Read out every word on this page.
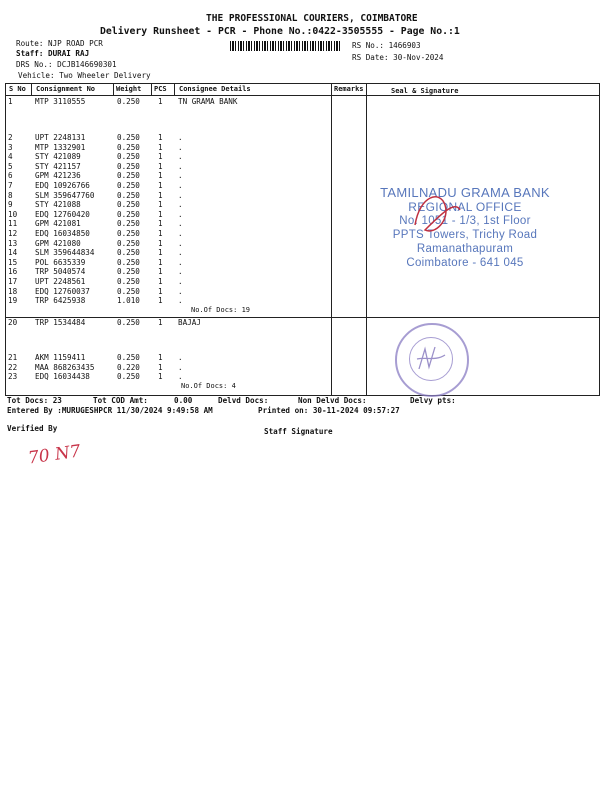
THE PROFESSIONAL COURIERS, COIMBATORE
Delivery Runsheet - PCR - Phone No.:0422-3505555 - Page No.:1
Route: NJP ROAD PCR
Staff: DURAI RAJ
DRS No.: DCJB146690301
Vehicle: Two Wheeler Delivery
RS No.: 1466903
RS Date: 30-Nov-2024
S No Consignment No	Weight PCS Consignee Details	Remarks	Seal & Signature
No.Of Docs: 19
No.Of Docs: 4
1	MTP 3110555	0.250 1 TN GRAMA BANK
2	UPT 2248131	0.250 1 .
3	MTP 1332901	0.250 1 .
4	STY 421089	0.250 1 .
5	STY 421157	0.250 1 .
6	GPM 421236	0.250 1 .
7	EDQ 10926766	0.250 1 .
8	SLM 359647760	0.250 1 .
9	STY 421088	0.250 1 .
10 EDQ 12760420	0.250 1 .
11 GPM 421081	0.250 1 .
12 EDQ 16034850	0.250 1 .
13 GPM 421080	0.250 1 .
14 SLM 359644834	0.250 1 .
15 POL 6635339	0.250 1 .
16 TRP 5040574	0.250 1 .
17 UPT 2248561	0.250 1 .
18 EDQ 12760037	0.250 1 .
19 TRP 6425938	1.010 1 .
20 TRP 1534484	0.250 1 BAJAJ
21 AKM 1159411	0.250 1 .
22 MAA 868263435	0.220 1 .
23 EDQ 16034438	0.250 1 .
TAMILNADU GRAMA BANK
REGIONAL OFFICE
No. 1051 - 1/3, 1st Floor
PPTS Towers, Trichy Road
Ramanathapuram
Coimbatore - 641 045
Tot Docs: 23	Tot COD Amt:	0.00	Delvd Docs:	Non Delvd Docs:	Delvy pts:
Entered By :MURUGESHPCR 11/30/2024 9:49:58 AM	Printed on: 30-11-2024 09:57:27
Verified By	Staff Signature
70 N7
